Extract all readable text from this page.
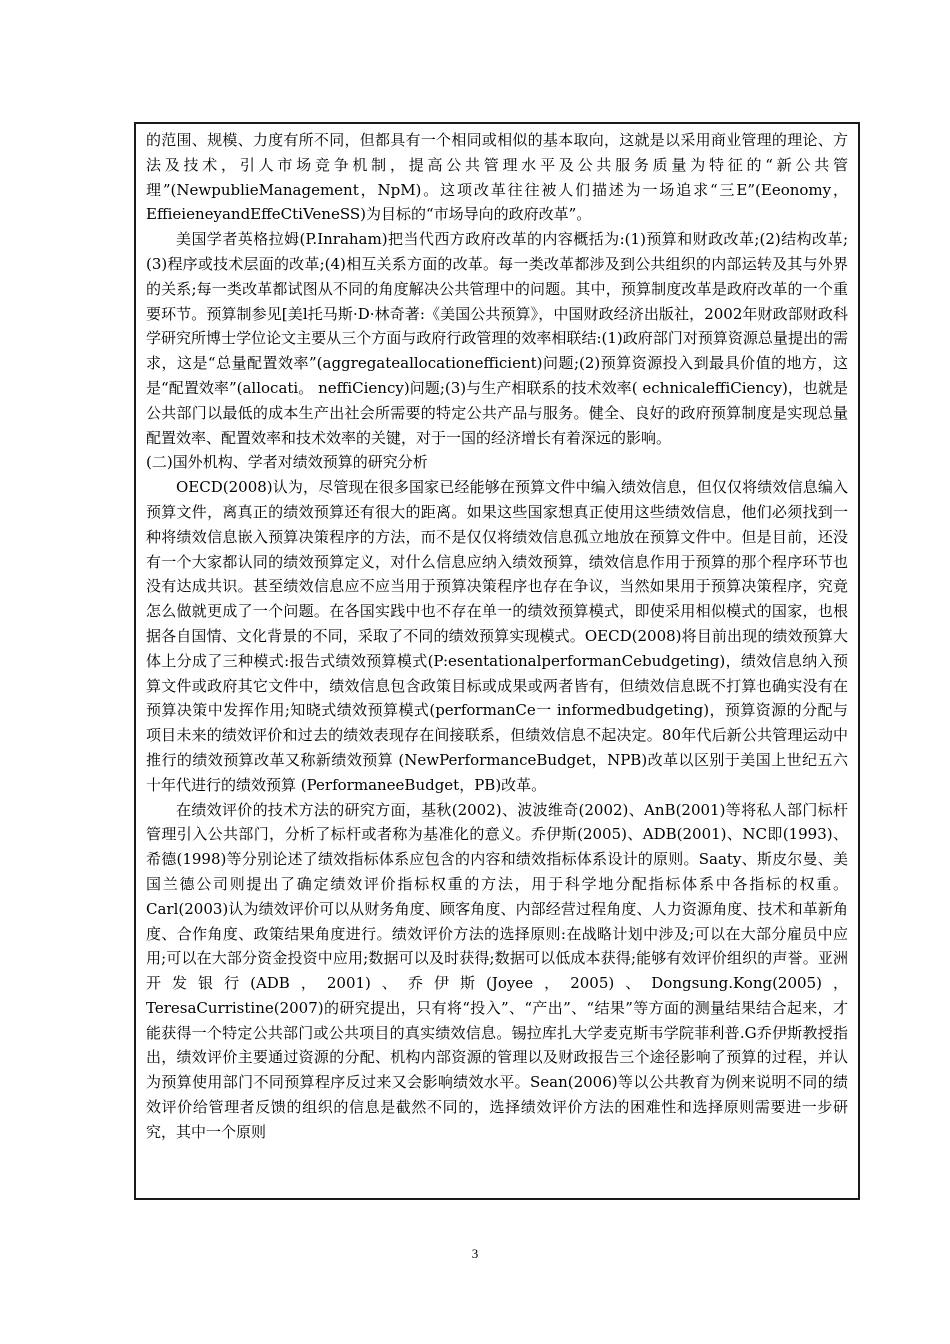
的范围、规模、力度有所不同，但都具有一个相同或相似的基本取向，这就是以采用商业管理的理论、方法及技术，引人市场竞争机制，提高公共管理水平及公共服务质量为特征的“新公共管理”(NewpublieManagement，NpM)。这项改革往往被人们描述为一场追求“三E”(Eeonomy，EffieieneyandEffeCtiVeneSS)为目标的“市场导向的政府改革”。

美国学者英格拉姆(P.Inraham)把当代西方政府改革的内容概括为:(1)预算和财政改革;(2)结构改革;(3)程序或技术层面的改革;(4)相互关系方面的改革。每一类改革都涉及到公共组织的内部运转及其与外界的关系;每一类改革都试图从不同的角度解决公共管理中的问题。其中，预算制度改革是政府改革的一个重要环节。预算制参见[美l托马斯·D·林奇著:《美国公共预算》，中国财政经济出版社，2002年财政部财政科学研究所博士学位论文主要从三个方面与政府行政管理的效率相联结:(1)政府部门对预算资源总量提出的需求，这是“总量配置效率”(aggregateallocationefficient)问题;(2)预算资源投入到最具价值的地方，这是“配置效率”(allocati。 neffiCiency)问题;(3)与生产相联系的技术效率( echnicaleffiCiency)，也就是公共部门以最低的成本生产出社会所需要的特定公共产品与服务。健全、良好的政府预算制度是实现总量配置效率、配置效率和技术效率的关键，对于一国的经济增长有着深远的影响。

(二)国外机构、学者对绩效预算的研究分析

OECD(2008)认为，尽管现在很多国家已经能够在预算文件中编入绩效信息，但仅仅将绩效信息编入预算文件，离真正的绩效预算还有很大的距离。如果这些国家想真正使用这些绩效信息，他们必须找到一种将绩效信息嵌入预算决策程序的方法，而不是仅仅将绩效信息孤立地放在预算文件中。但是目前，还没有一个大家都认同的绩效预算定义，对什么信息应纳入绩效预算，绩效信息作用于预算的那个程序环节也没有达成共识。甚至绩效信息应不应当用于预算决策程序也存在争议，当然如果用于预算决策程序，究竟怎么做就更成了一个问题。在各国实践中也不存在单一的绩效预算模式，即使采用相似模式的国家，也根据各自国情、文化背景的不同，采取了不同的绩效预算实现模式。OECD(2008)将目前出现的绩效预算大体上分成了三种模式:报告式绩效预算模式(P:esentationalperformanCebudgeting)，绩效信息纳入预算文件或政府其它文件中，绩效信息包含政策目标或成果或两者皆有，但绩效信息既不打算也确实没有在预算决策中发挥作用;知晓式绩效预算模式(performanCe一 informedbudgeting)，预算资源的分配与项目未来的绩效评价和过去的绩效表现存在间接联系，但绩效信息不起决定。80年代后新公共管理运动中推行的绩效预算改革又称新绩效预算 (NewPerformanceBudget，NPB)改革以区别于美国上世纪五六十年代进行的绩效预算 (PerformaneeBudget，PB)改革。

在绩效评价的技术方法的研究方面，基秋(2002)、波波维奇(2002)、AnB(2001)等将私人部门标杆管理引入公共部门，分析了标杆或者称为基准化的意义。乔伊斯(2005)、ADB(2001)、NC即(1993)、希德(1998)等分别论述了绩效指标体系应包含的内容和绩效指标体系设计的原则。Saaty、斯皮尔曼、美国兰德公司则提出了确定绩效评价指标权重的方法，用于科学地分配指标体系中各指标的权重。Carl(2003)认为绩效评价可以从财务角度、顾客角度、内部经营过程角度、人力资源角度、技术和革新角度、合作角度、政策结果角度进行。绩效评价方法的选择原则:在战略计划中涉及;可以在大部分雇员中应用;可以在大部分资金投资中应用;数据可以及时获得;数据可以低成本获得;能够有效评价组织的声誉。亚洲开发银行(ADB，2001)、乔伊斯(Joyee，2005)、Dongsung.Kong(2005)，TeresaCurristine(2007)的研究提出，只有将“投入”、“产出”、“结果”等方面的测量结果结合起来，才能获得一个特定公共部门或公共项目的真实绩效信息。锡拉库扎大学麦克斯韦学院菲利普.G乔伊斯教授指出，绩效评价主要通过资源的分配、机构内部资源的管理以及财政报告三个途径影响了预算的过程，并认为预算使用部门不同预算程序反过来又会影响绩效水平。Sean(2006)等以公共教育为例来说明不同的绩效评价给管理者反馈的组织的信息是截然不同的，选择绩效评价方法的困难性和选择原则需要进一步研究，其中一个原则

3
